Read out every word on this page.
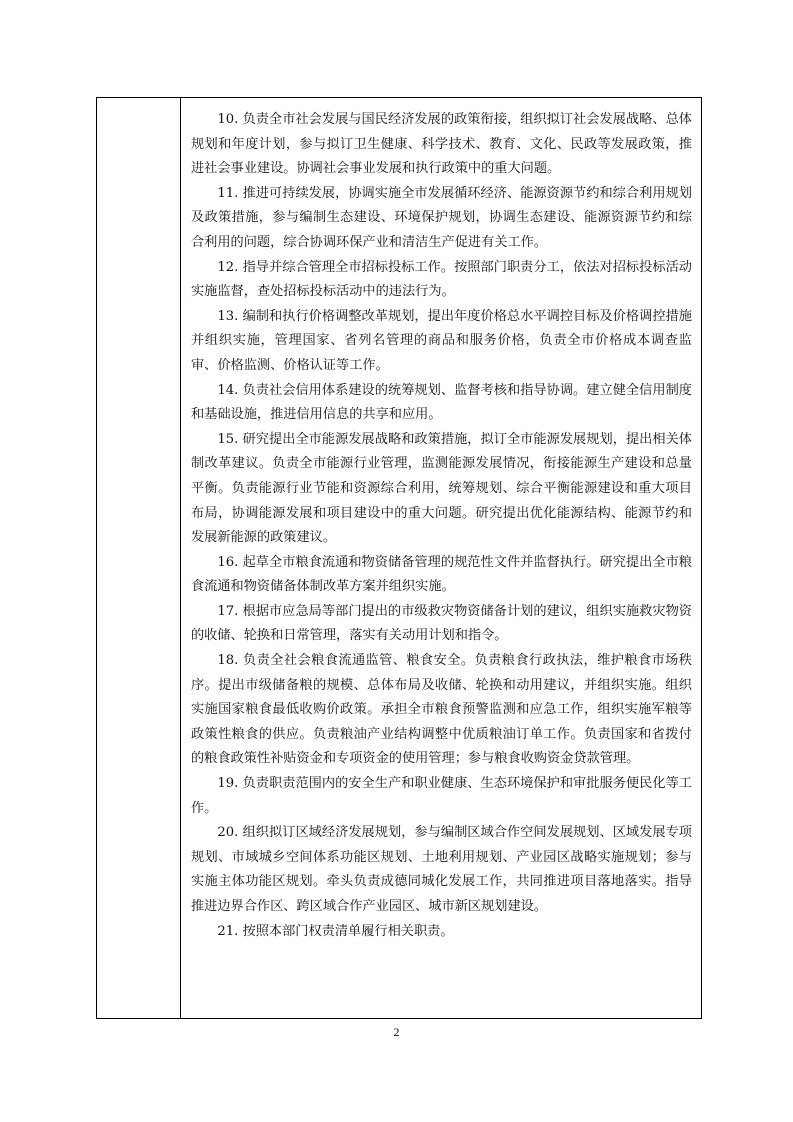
10. 负责全市社会发展与国民经济发展的政策衔接，组织拟订社会发展战略、总体规划和年度计划，参与拟订卫生健康、科学技术、教育、文化、民政等发展政策，推进社会事业建设。协调社会事业发展和执行政策中的重大问题。

11. 推进可持续发展，协调实施全市发展循环经济、能源资源节约和综合利用规划及政策措施，参与编制生态建设、环境保护规划，协调生态建设、能源资源节约和综合利用的问题，综合协调环保产业和清洁生产促进有关工作。

12. 指导并综合管理全市招标投标工作。按照部门职责分工，依法对招标投标活动实施监督，查处招标投标活动中的违法行为。

13. 编制和执行价格调整改革规划，提出年度价格总水平调控目标及价格调控措施并组织实施，管理国家、省列名管理的商品和服务价格，负责全市价格成本调查监审、价格监测、价格认证等工作。

14. 负责社会信用体系建设的统筹规划、监督考核和指导协调。建立健全信用制度和基础设施，推进信用信息的共享和应用。

15. 研究提出全市能源发展战略和政策措施，拟订全市能源发展规划，提出相关体制改革建议。负责全市能源行业管理，监测能源发展情况，衔接能源生产建设和总量平衡。负责能源行业节能和资源综合利用，统筹规划、综合平衡能源建设和重大项目布局，协调能源发展和项目建设中的重大问题。研究提出优化能源结构、能源节约和发展新能源的政策建议。

16. 起草全市粮食流通和物资储备管理的规范性文件并监督执行。研究提出全市粮食流通和物资储备体制改革方案并组织实施。

17. 根据市应急局等部门提出的市级救灾物资储备计划的建议，组织实施救灾物资的收储、轮换和日常管理，落实有关动用计划和指令。

18. 负责全社会粮食流通监管、粮食安全。负责粮食行政执法，维护粮食市场秩序。提出市级储备粮的规模、总体布局及收储、轮换和动用建议，并组织实施。组织实施国家粮食最低收购价政策。承担全市粮食预警监测和应急工作，组织实施军粮等政策性粮食的供应。负责粮油产业结构调整中优质粮油订单工作。负责国家和省拨付的粮食政策性补贴资金和专项资金的使用管理；参与粮食收购资金贷款管理。

19. 负责职责范围内的安全生产和职业健康、生态环境保护和审批服务便民化等工作。

20. 组织拟订区域经济发展规划，参与编制区域合作空间发展规划、区域发展专项规划、市域城乡空间体系功能区规划、土地利用规划、产业园区战略实施规划；参与实施主体功能区规划。牵头负责成德同城化发展工作，共同推进项目落地落实。指导推进边界合作区、跨区域合作产业园区、城市新区规划建设。

21. 按照本部门权责清单履行相关职责。

2
